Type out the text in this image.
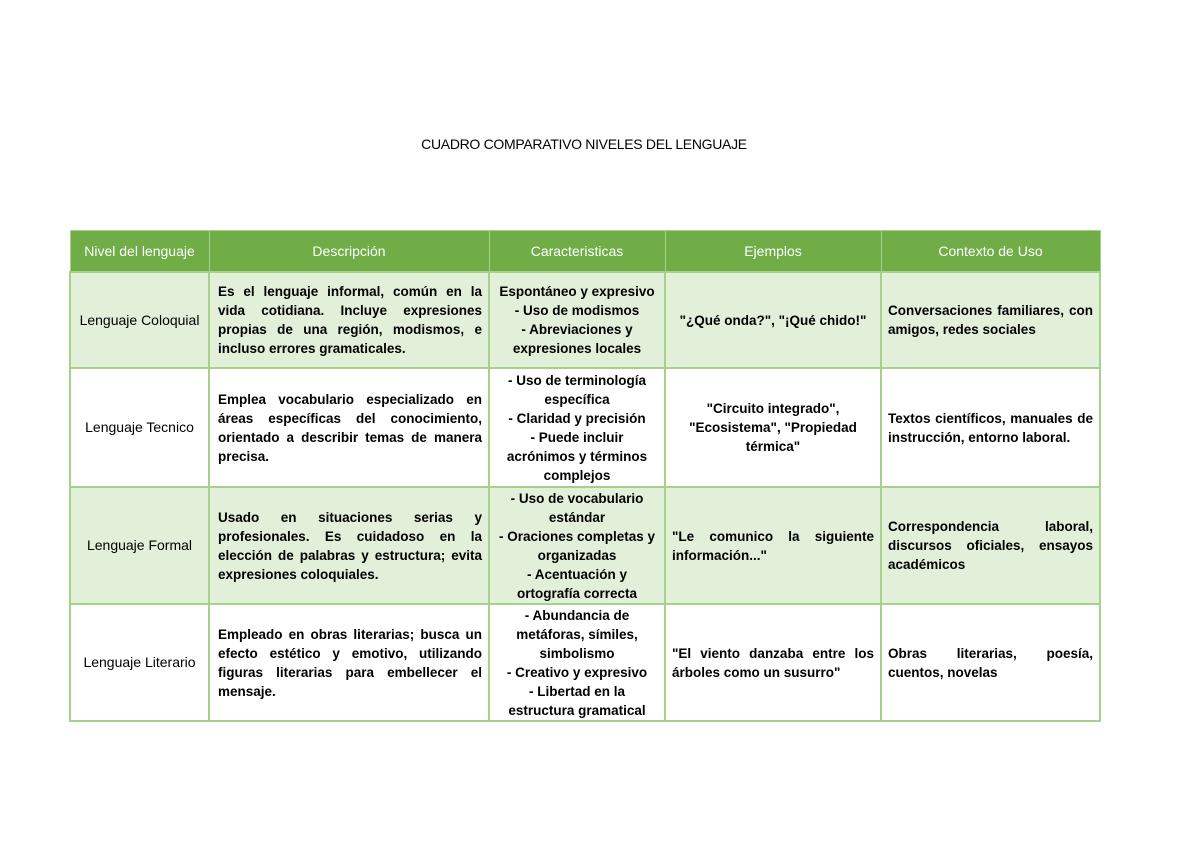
CUADRO COMPARATIVO NIVELES DEL LENGUAJE
Nivel del lenguaje	Descripción	Caracteristicas	Ejemplos	Contexto de Uso
Lenguaje Coloquial	Es el lenguaje informal, común en la vida cotidiana. Incluye expresiones propias de una región, modismos, e incluso errores gramaticales.	Espontáneo y expresivo
- Uso de modismos
- Abreviaciones y expresiones locales	"¿Qué onda?", "¡Qué chido!"	Conversaciones familiares, con amigos, redes sociales
Lenguaje Tecnico	Emplea vocabulario especializado en áreas específicas del conocimiento, orientado a describir temas de manera precisa.	- Uso de terminología específica
- Claridad y precisión
- Puede incluir acrónimos y términos complejos	"Circuito integrado", "Ecosistema", "Propiedad térmica"	Textos científicos, manuales de instrucción, entorno laboral.
Lenguaje Formal	Usado en situaciones serias y profesionales. Es cuidadoso en la elección de palabras y estructura; evita expresiones coloquiales.	- Uso de vocabulario estándar
- Oraciones completas y organizadas
- Acentuación y ortografía correcta	"Le comunico la siguiente información..."	Correspondencia laboral, discursos oficiales, ensayos académicos
Lenguaje Literario	Empleado en obras literarias; busca un efecto estético y emotivo, utilizando figuras literarias para embellecer el mensaje.	- Abundancia de metáforas, símiles, simbolismo
- Creativo y expresivo
- Libertad en la estructura gramatical	"El viento danzaba entre los árboles como un susurro"	Obras literarias, poesía, cuentos, novelas
